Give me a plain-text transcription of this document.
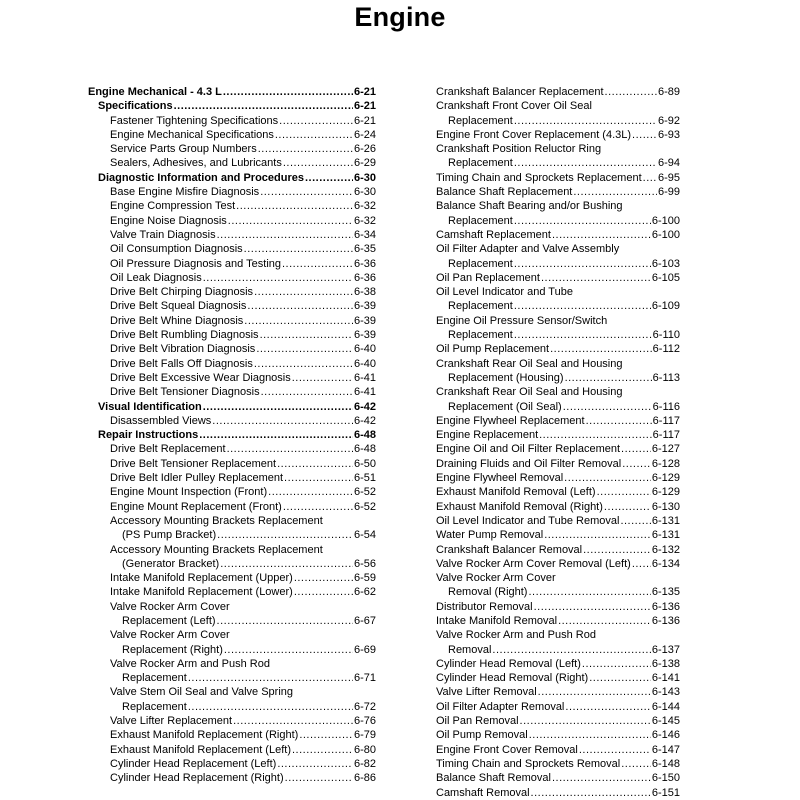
Engine
Engine Mechanical - 4.3 L .....	6-21
Specifications .....	6-21
Fastener Tightening Specifications .....	6-21
Engine Mechanical Specifications .....	6-24
Service Parts Group Numbers .....	6-26
Sealers, Adhesives, and Lubricants .....	6-29
Diagnostic Information and Procedures .....	6-30
Base Engine Misfire Diagnosis .....	6-30
Engine Compression Test .....	6-32
Engine Noise Diagnosis .....	6-32
Valve Train Diagnosis .....	6-34
Oil Consumption Diagnosis .....	6-35
Oil Pressure Diagnosis and Testing .....	6-36
Oil Leak Diagnosis .....	6-36
Drive Belt Chirping Diagnosis .....	6-38
Drive Belt Squeal Diagnosis .....	6-39
Drive Belt Whine Diagnosis .....	6-39
Drive Belt Rumbling Diagnosis .....	6-39
Drive Belt Vibration Diagnosis .....	6-40
Drive Belt Falls Off Diagnosis .....	6-40
Drive Belt Excessive Wear Diagnosis .....	6-41
Drive Belt Tensioner Diagnosis .....	6-41
Visual Identification .....	6-42
Disassembled Views .....	6-42
Repair Instructions .....	6-48
Drive Belt Replacement .....	6-48
Drive Belt Tensioner Replacement .....	6-50
Drive Belt Idler Pulley Replacement .....	6-51
Engine Mount Inspection (Front) .....	6-52
Engine Mount Replacement (Front) .....	6-52
Accessory Mounting Brackets Replacement
(PS Pump Bracket) .....	6-54
Accessory Mounting Brackets Replacement
(Generator Bracket) .....	6-56
Intake Manifold Replacement (Upper) .....	6-59
Intake Manifold Replacement (Lower) .....	6-62
Valve Rocker Arm Cover
Replacement (Left) .....	6-67
Valve Rocker Arm Cover
Replacement (Right) .....	6-69
Valve Rocker Arm and Push Rod
Replacement .....	6-71
Valve Stem Oil Seal and Valve Spring
Replacement .....	6-72
Valve Lifter Replacement .....	6-76
Exhaust Manifold Replacement (Right) .....	6-79
Exhaust Manifold Replacement (Left) .....	6-80
Cylinder Head Replacement (Left) .....	6-82
Cylinder Head Replacement (Right) .....	6-86
Crankshaft Balancer Replacement .....	6-89
Crankshaft Front Cover Oil Seal
Replacement .....	6-92
Engine Front Cover Replacement (4.3L) ..... 6-93
Crankshaft Position Reluctor Ring
Replacement .....	6-94
Timing Chain and Sprockets Replacement ..... 6-95
Balance Shaft Replacement .....	6-99
Balance Shaft Bearing and/or Bushing
Replacement .....	6-100
Camshaft Replacement .....	6-100
Oil Filter Adapter and Valve Assembly
Replacement .....	6-103
Oil Pan Replacement .....	6-105
Oil Level Indicator and Tube
Replacement .....	6-109
Engine Oil Pressure Sensor/Switch
Replacement .....	6-110
Oil Pump Replacement .....	6-112
Crankshaft Rear Oil Seal and Housing
Replacement (Housing) .....	6-113
Crankshaft Rear Oil Seal and Housing
Replacement (Oil Seal) .....	6-116
Engine Flywheel Replacement .....	6-117
Engine Replacement .....	6-117
Engine Oil and Oil Filter Replacement .....	6-127
Draining Fluids and Oil Filter Removal .....	6-128
Engine Flywheel Removal .....	6-129
Exhaust Manifold Removal (Left) .....	6-129
Exhaust Manifold Removal (Right) .....	6-130
Oil Level Indicator and Tube Removal .....	6-131
Water Pump Removal .....	6-131
Crankshaft Balancer Removal .....	6-132
Valve Rocker Arm Cover Removal (Left) ..... 6-134
Valve Rocker Arm Cover
Removal (Right) .....	6-135
Distributor Removal .....	6-136
Intake Manifold Removal .....	6-136
Valve Rocker Arm and Push Rod
Removal .....	6-137
Cylinder Head Removal (Left) .....	6-138
Cylinder Head Removal (Right) .....	6-141
Valve Lifter Removal .....	6-143
Oil Filter Adapter Removal .....	6-144
Oil Pan Removal .....	6-145
Oil Pump Removal .....	6-146
Engine Front Cover Removal .....	6-147
Timing Chain and Sprockets Removal .....	6-148
Balance Shaft Removal .....	6-150
Camshaft Removal .....	6-151
